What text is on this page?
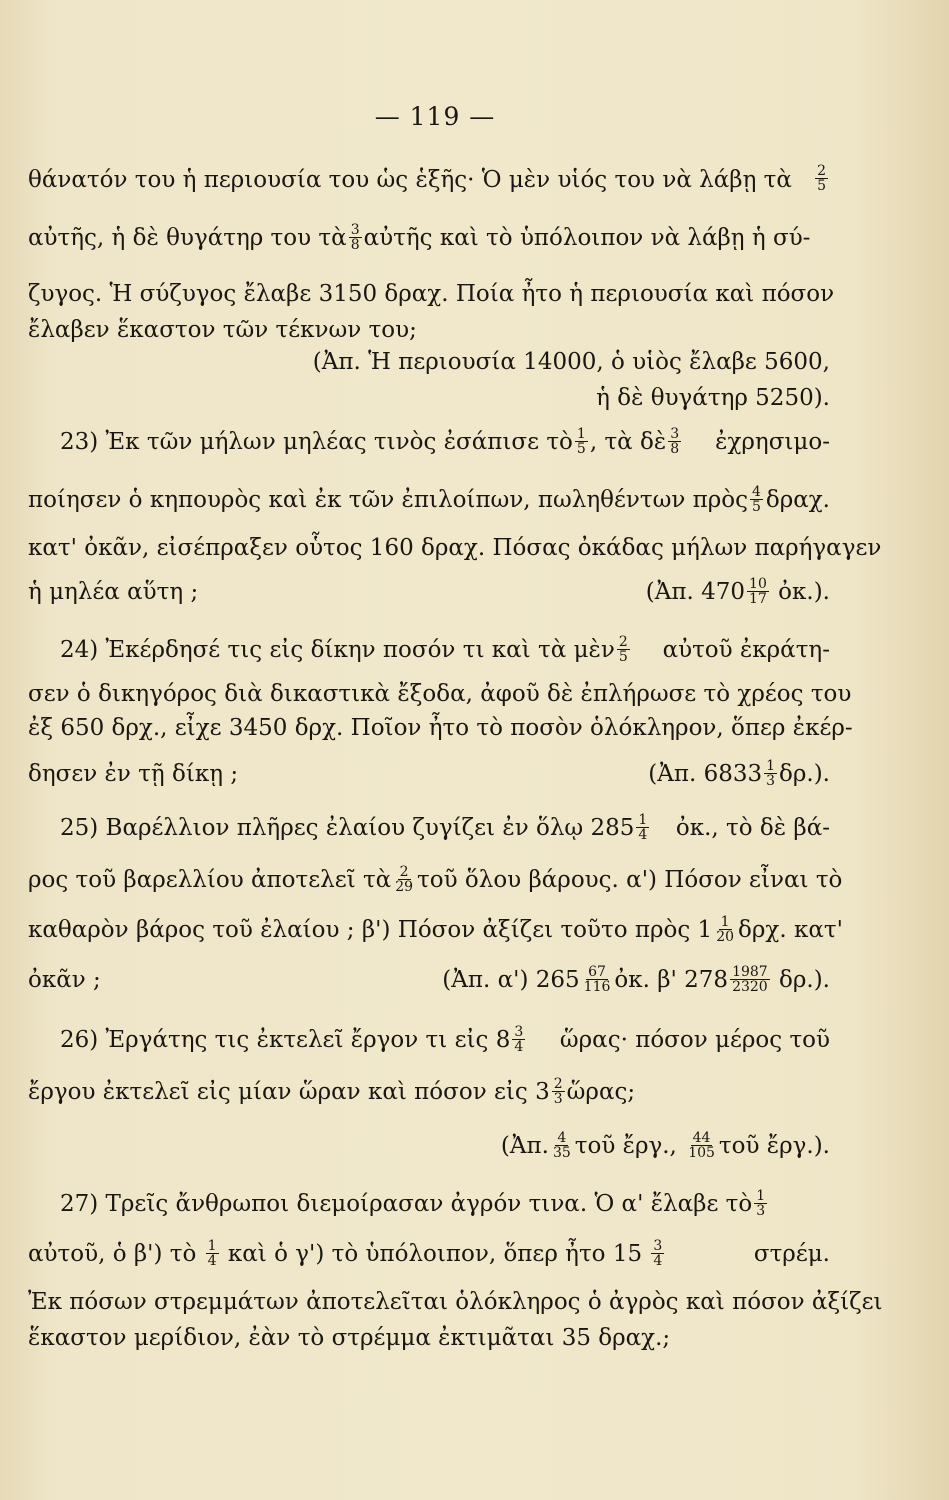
— 119 —
θάνατόν του ἡ περιουσία του ὡς ἑξῆς· Ὁ μὲν υἱός του νὰ λάβῃ τὰ $\frac{2}{5}$
αὐτῆς, ἡ δὲ θυγάτηρ του τὰ $\frac{3}{8}$ αὐτῆς καὶ τὸ ὑπόλοιπον νὰ λάβῃ ἡ σύ-
ζυγος. Ἡ σύζυγος ἔλαβε 3150 δραχ. Ποία ἦτο ἡ περιουσία καὶ πόσον
ἔλαβεν ἕκαστον τῶν τέκνων του;
(Ἀπ. Ἡ περιουσία 14000, ὁ υἱὸς ἔλαβε 5600,
ἡ δὲ θυγάτηρ 5250).
23) Ἐκ τῶν μήλων μηλέας τινὸς ἐσάπισε τὸ $\frac{1}{5}$ , τὰ δὲ $\frac{3}{8}$ ἐχρησιμο-
ποίησεν ὁ κηπουρὸς καὶ ἐκ τῶν ἐπιλοίπων, πωληθέντων πρὸς $\frac{4}{5} \delta\rho\alpha\chi$.
κατ' ὀκᾶν, εἰσέπραξεν οὗτος 160 δραχ. Πόσας ὀκάδας μήλων παρήγαγεν
ἡ μηλέα αὕτη ;	(Ἀπ. $470 \frac{10}{17}$ ὀκ.).
24) Ἐκέρδησέ τις εἰς δίκην ποσόν τι καὶ τὰ μὲν $\frac{2}{5}$ αὐτοῦ ἐκράτη-
σεν ὁ δικηγόρος διὰ δικαστικὰ ἔξοδα, ἀφοῦ δὲ ἐπλήρωσε τὸ χρέος του
ἐξ 650 δρχ., εἶχε 3450 δρχ. Ποῖον ἦτο τὸ ποσὸν ὁλόκληρον, ὅπερ ἐκέρ-
δησεν ἐν τῇ δίκῃ ;	(Ἀπ. $6833 \frac{1}{3} \delta\rho$.).
25) Βαρέλλιον πλῆρες ἐλαίου ζυγίζει ἐν ὅλῳ $285 \frac{1}{4}$ ὀκ., τὸ δὲ βά-
ρος τοῦ βαρελλίου ἀποτελεῖ τὰ $\frac{2}{29}$ τοῦ ὅλου βάρους. α') Πόσον εἶναι τὸ
καθαρὸν βάρος τοῦ ἐλαίου ; β') Πόσον ἀξίζει τοῦτο πρὸς $1 \frac{1}{20} \delta\rho\chi$. κατ'
ὀκᾶν ;	(Ἀπ. α') $265 \frac{67}{116}$ ὀκ. β' $278 \frac{1987}{2320} \delta\rho$.).
26) Ἐργάτης τις ἐκτελεῖ ἔργον τι εἰς $8 \frac{3}{4}$ ὥρας· πόσον μέρος τοῦ
ἔργου ἐκτελεῖ εἰς μίαν ὥραν καὶ πόσον εἰς $3 \frac{2}{3}$ ὥρας;
(Ἀπ. $\frac{4}{35}$ τοῦ ἔργ., $\frac{44}{105}$ τοῦ ἔργ.).
27) Τρεῖς ἄνθρωποι διεμοίρασαν ἀγρόν τινα. Ὁ α' ἔλαβε τὸ $\frac{1}{3}$
αὐτοῦ, ὁ β') τὸ $\frac{1}{4}$ καὶ ὁ γ') τὸ ὑπόλοιπον, ὅπερ ἦτο $15 \frac{3}{4}$	στρέμ.
Ἐκ πόσων στρεμμάτων ἀποτελεῖται ὁλόκληρος ὁ ἀγρὸς καὶ πόσον ἀξίζει
ἕκαστον μερίδιον, ἐὰν τὸ στρέμμα ἐκτιμᾶται 35 δραχ.;
